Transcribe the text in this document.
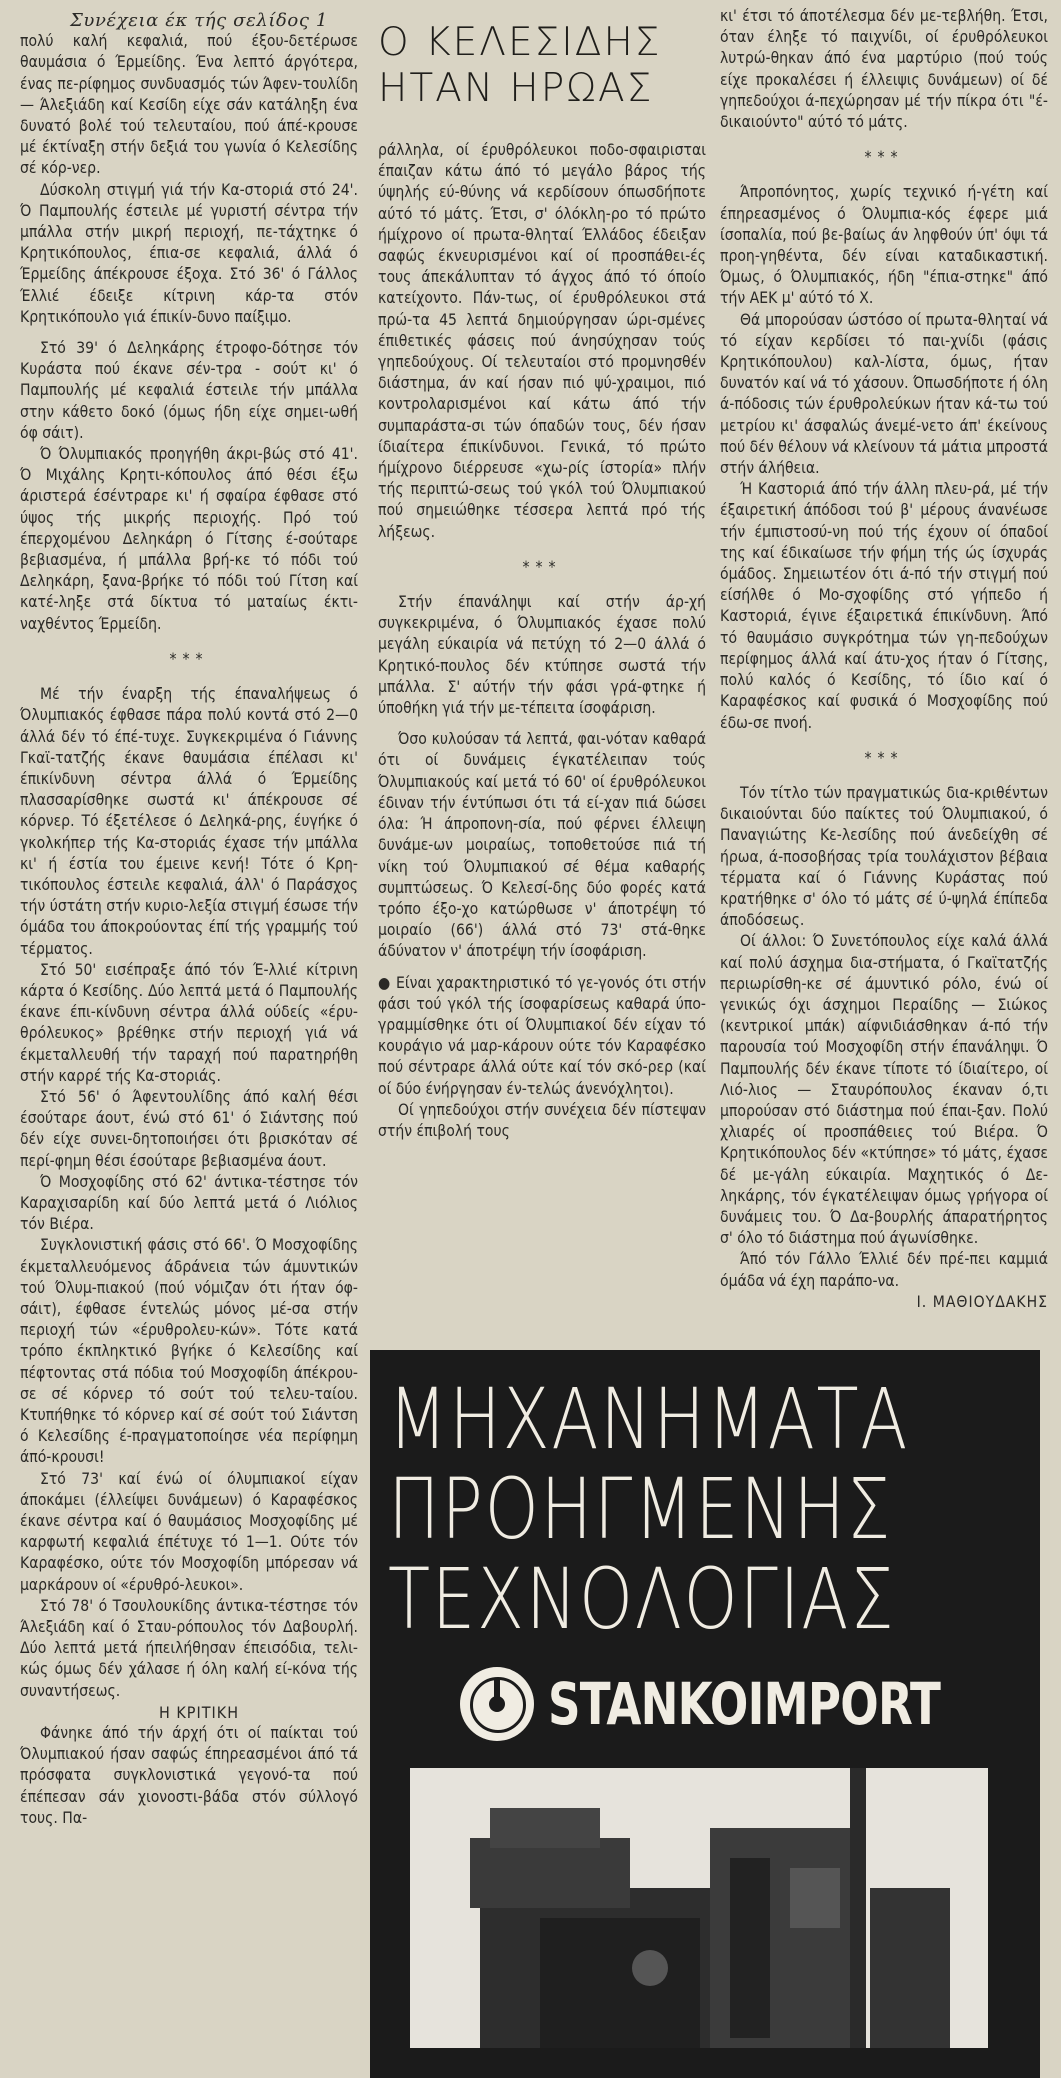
Συνέχεια έκ τής σελίδος 1

πολύ καλή κεφαλιά, πού έξου-δετέρωσε θαυμάσια ό Έρμείδης. Ένα λεπτό άργότερα, ένας πε-ρίφημος συνδυασμός τών Άφεν-τουλίδη — Άλεξιάδη καί Κεσίδη είχε σάν κατάληξη ένα δυνατό βολέ τού τελευταίου, πού άπέ-κρουσε μέ έκτίναξη στήν δεξιά του γωνία ό Κελεσίδης σέ κόρ-νερ.

Δύσκολη στιγμή γιά τήν Κα-στοριά στό 24'. Ό Παμπουλής έστειλε μέ γυριστή σέντρα τήν μπάλλα στήν μικρή περιοχή, πε-τάχτηκε ό Κρητικόπουλος, έπια-σε κεφαλιά, άλλά ό Έρμείδης άπέκρουσε έξοχα. Στό 36' ό Γάλλος Έλλιέ έδειξε κίτρινη κάρ-τα στόν Κρητικόπουλο γιά έπικίν-δυνο παίξιμο.

Στό 39' ό Δεληκάρης έτροφο-δότησε τόν Κυράστα πού έκανε σέν-τρα - σούτ κι' ό Παμπουλής μέ κεφαλιά έστειλε τήν μπάλλα στην κάθετο δοκό (όμως ήδη είχε σημει-ωθή όφ σάιτ).

Ό Όλυμπιακός προηγήθη άκρι-βώς στό 41'. Ό Μιχάλης Κρητι-κόπουλος άπό θέσι έξω άριστερά έσέντραρε κι' ή σφαίρα έφθασε στό ύψος τής μικρής περιοχής. Πρό τού έπερχομένου Δεληκάρη ό Γίτσης έ-σούταρε βεβιασμένα, ή μπάλλα βρή-κε τό πόδι τού Δεληκάρη, ξανα-βρήκε τό πόδι τού Γίτση καί κατέ-ληξε στά δίκτυα τό ματαίως έκτι-ναχθέντος Έρμείδη.

***

Μέ τήν έναρξη τής έπαναλήψεως ό Όλυμπιακός έφθασε πάρα πολύ κοντά στό 2—0 άλλά δέν τό έπέ-τυχε. Συγκεκριμένα ό Γιάννης Γκαϊ-τατζής έκανε θαυμάσια έπέλασι κι' έπικίνδυνη σέντρα άλλά ό Έρμείδης πλασσαρίσθηκε σωστά κι' άπέκρουσε σέ κόρνερ. Τό έξετέλεσε ό Δεληκά-ρης, έυγήκε ό γκολκήπερ τής Κα-στοριάς έχασε τήν μπάλλα κι' ή έστία του έμεινε κενή! Τότε ό Κρη-τικόπουλος έστειλε κεφαλιά, άλλ' ό Παράσχος τήν ύστάτη στήν κυριο-λεξία στιγμή έσωσε τήν όμάδα του άποκρούοντας έπί τής γραμμής τού τέρματος.

Στό 50' εισέπραξε άπό τόν Έ-λλιέ κίτρινη κάρτα ό Κεσίδης. Δύο λεπτά μετά ό Παμπουλής έκανε έπι-κίνδυνη σέντρα άλλά ούδείς «έρυ-θρόλευκος» βρέθηκε στήν περιοχή γιά νά έκμεταλλευθή τήν ταραχή πού παρατηρήθη στήν καρρέ τής Κα-στοριάς.

Στό 56' ό Άφεντουλίδης άπό καλή θέσι έσούταρε άουτ, ένώ στό 61' ό Σιάντσης πού δέν είχε συνει-δητοποιήσει ότι βρισκόταν σέ περί-φημη θέσι έσούταρε βεβιασμένα άουτ.

Ό Μοσχοφίδης στό 62' άντικα-τέστησε τόν Καραχισαρίδη καί δύο λεπτά μετά ό Λιόλιος τόν Βιέρα.

Συγκλονιστική φάσις στό 66'. Ό Μοσχοφίδης έκμεταλλευόμενος άδράνεια τών άμυντικών τού Όλυμ-πιακού (πού νόμιζαν ότι ήταν όφ-σάιτ), έφθασε έντελώς μόνος μέ-σα στήν περιοχή τών «έρυθρολευ-κών». Τότε κατά τρόπο έκπληκτικό βγήκε ό Κελεσίδης καί πέφτοντας στά πόδια τού Μοσχοφίδη άπέκρου-σε σέ κόρνερ τό σούτ τού τελευ-ταίου. Κτυπήθηκε τό κόρνερ καί σέ σούτ τού Σιάντση ό Κελεσίδης έ-πραγματοποίησε νέα περίφημη άπό-κρουσι!

Στό 73' καί ένώ οί όλυμπιακοί είχαν άποκάμει (έλλείψει δυνάμεων) ό Καραφέσκος έκανε σέντρα καί ό θαυμάσιος Μοσχοφίδης μέ καρφωτή κεφαλιά έπέτυχε τό 1—1. Ούτε τόν Καραφέσκο, ούτε τόν Μοσχοφίδη μπόρεσαν νά μαρκάρουν οί «έρυθρό-λευκοι».

Στό 78' ό Τσουλουκίδης άντικα-τέστησε τόν Άλεξιάδη καί ό Σταυ-ρόπουλος τόν Δαβουρλή. Δύο λεπτά μετά ήπειλήθησαν έπεισόδια, τελι-κώς όμως δέν χάλασε ή όλη καλή εί-κόνα τής συναντήσεως.

Η ΚΡΙΤΙΚΗ

Φάνηκε άπό τήν άρχή ότι οί παίκται τού Όλυμπιακού ήσαν σαφώς έπηρεασμένοι άπό τά πρόσφατα συγκλονιστικά γεγονό-τα πού έπέπεσαν σάν χιονοστι-βάδα στόν σύλλογό τους. Πα-

Ο ΚΕΛΕΣΙΔΗΣ
ΗΤΑΝ ΗΡΩΑΣ

ράλληλα, οί έρυθρόλευκοι ποδο-σφαιρισται έπαιζαν κάτω άπό τό μεγάλο βάρος τής ύψηλής εύ-θύνης νά κερδίσουν όπωσδήποτε αύτό τό μάτς. Έτσι, σ' όλόκλη-ρο τό πρώτο ήμίχρονο οί πρωτα-θληταί Έλλάδος έδειξαν σαφώς έκνευρισμένοι καί οί προσπάθει-ές τους άπεκάλυπταν τό άγχος άπό τό όποίο κατείχοντο. Πάν-τως, οί έρυθρόλευκοι στά πρώ-τα 45 λεπτά δημιούργησαν ώρι-σμένες έπιθετικές φάσεις πού άνησύχησαν τούς γηπεδούχους. Οί τελευταίοι στό προμνησθέν διάστημα, άν καί ήσαν πιό ψύ-χραιμοι, πιό κοντρολαρισμένοι καί κάτω άπό τήν συμπαράστα-σι τών όπαδών τους, δέν ήσαν ίδιαίτερα έπικίνδυνοι. Γενικά, τό πρώτο ήμίχρονο διέρρευσε «χω-ρίς ίστορία» πλήν τής περιπτώ-σεως τού γκόλ τού Όλυμπιακού πού σημειώθηκε τέσσερα λεπτά πρό τής λήξεως.

***

Στήν έπανάληψι καί στήν άρ-χή συγκεκριμένα, ό Όλυμπιακός έχασε πολύ μεγάλη εύκαιρία νά πετύχη τό 2—0 άλλά ό Κρητικό-πουλος δέν κτύπησε σωστά τήν μπάλλα. Σ' αύτήν τήν φάσι γρά-φτηκε ή ύποθήκη γιά τήν με-τέπειτα ίσοφάριση.

Όσο κυλούσαν τά λεπτά, φαι-νόταν καθαρά ότι οί δυνάμεις έγκατέλειπαν τούς Όλυμπιακούς καί μετά τό 60' οί έρυθρόλευκοι έδιναν τήν έντύπωσι ότι τά εί-χαν πιά δώσει όλα: Ή άπροπονη-σία, πού φέρνει έλλειψη δυνάμε-ων μοιραίως, τοποθετούσε πιά τή νίκη τού Όλυμπιακού σέ θέμα καθαρής συμπτώσεως. Ό Κελεσί-δης δύο φορές κατά τρόπο έξο-χο κατώρθωσε ν' άποτρέψη τό μοιραίο (66') άλλά στό 73' στά-θηκε άδύνατον ν' άποτρέψη τήν ίσοφάριση.

● Είναι χαρακτηριστικό τό γε-γονός ότι στήν φάσι τού γκόλ τής ίσοφαρίσεως καθαρά ύπο-γραμμίσθηκε ότι οί Όλυμπιακοί δέν είχαν τό κουράγιο νά μαρ-κάρουν ούτε τόν Καραφέσκο πού σέντραρε άλλά ούτε καί τόν σκό-ρερ (καί οί δύο ένήργησαν έν-τελώς άνενόχλητοι).

Οί γηπεδούχοι στήν συνέχεια δέν πίστεψαν στήν έπιβολή τους

κι' έτσι τό άποτέλεσμα δέν με-τεβλήθη. Έτσι, όταν έληξε τό παιχνίδι, οί έρυθρόλευκοι λυτρώ-θηκαν άπό ένα μαρτύριο (πού τούς είχε προκαλέσει ή έλλειψις δυνάμεων) οί δέ γηπεδούχοι ά-πεχώρησαν μέ τήν πίκρα ότι "έ-δικαιούντο" αύτό τό μάτς.

***

Άπροπόνητος, χωρίς τεχνικό ή-γέτη καί έπηρεασμένος ό Όλυμπια-κός έφερε μιά ίσοπαλία, πού βε-βαίως άν ληφθούν ύπ' όψι τά προη-γηθέντα, δέν είναι καταδικαστική. Όμως, ό Όλυμπιακός, ήδη "έπια-στηκε" άπό τήν ΑΕΚ μ' αύτό τό Χ.

Θά μπορούσαν ώστόσο οί πρωτα-θληταί νά τό είχαν κερδίσει τό παι-χνίδι (φάσις Κρητικόπουλου) καλ-λίστα, όμως, ήταν δυνατόν καί νά τό χάσουν. Όπωσδήποτε ή όλη ά-πόδοσις τών έρυθρολεύκων ήταν κά-τω τού μετρίου κι' άσφαλώς άνεμέ-νετο άπ' έκείνους πού δέν θέλουν νά κλείνουν τά μάτια μπροστά στήν άλήθεια.

Ή Καστοριά άπό τήν άλλη πλευ-ρά, μέ τήν έξαιρετική άπόδοσι τού β' μέρους άνανέωσε τήν έμπιστοσύ-νη πού τής έχουν οί όπαδοί της καί έδικαίωσε τήν φήμη τής ώς ίσχυράς όμάδος. Σημειωτέον ότι ά-πό τήν στιγμή πού είσήλθε ό Μο-σχοφίδης στό γήπεδο ή Καστοριά, έγινε έξαιρετικά έπικίνδυνη. Άπό τό θαυμάσιο συγκρότημα τών γη-πεδούχων περίφημος άλλά καί άτυ-χος ήταν ό Γίτσης, πολύ καλός ό Κεσίδης, τό ίδιο καί ό Καραφέσκος καί φυσικά ό Μοσχοφίδης πού έδω-σε πνοή.

***

Τόν τίτλο τών πραγματικώς δια-κριθέντων δικαιούνται δύο παίκτες τού Όλυμπιακού, ό Παναγιώτης Κε-λεσίδης πού άνεδείχθη σέ ήρωα, ά-ποσοβήσας τρία τουλάχιστον βέβαια τέρματα καί ό Γιάννης Κυράστας πού κρατήθηκε σ' όλο τό μάτς σέ ύ-ψηλά έπίπεδα άποδόσεως.

Οί άλλοι: Ό Συνετόπουλος είχε καλά άλλά καί πολύ άσχημα δια-στήματα, ό Γκαϊτατζής περιωρίσθη-κε σέ άμυντικό ρόλο, ένώ οί γενικώς όχι άσχημοι Περαίδης — Σιώκος (κεντρικοί μπάκ) αίφνιδιάσθηκαν ά-πό τήν παρουσία τού Μοσχοφίδη στήν έπανάληψι. Ό Παμπουλής δέν έκανε τίποτε τό ίδιαίτερο, οί Λιό-λιος — Σταυρόπουλος έκαναν ό,τι μπορούσαν στό διάστημα πού έπαι-ξαν. Πολύ χλιαρές οί προσπάθειες τού Βιέρα. Ό Κρητικόπουλος δέν «κτύπησε» τό μάτς, έχασε δέ με-γάλη εύκαιρία. Μαχητικός ό Δε-ληκάρης, τόν έγκατέλειψαν όμως γρήγορα οί δυνάμεις του. Ό Δα-βουρλής άπαρατήρητος σ' όλο τό διάστημα πού άγωνίσθηκε.

Άπό τόν Γάλλο Έλλιέ δέν πρέ-πει καμμιά όμάδα νά έχη παράπο-να.

Ι. ΜΑΘΙΟΥΔΑΚΗΣ

ΜΗΧΑΝΗΜΑΤΑ
ΠΡΟΗΓΜΕΝΗΣ
ΤΕΧΝΟΛΟΓΙΑΣ
STANKOIMPORT
